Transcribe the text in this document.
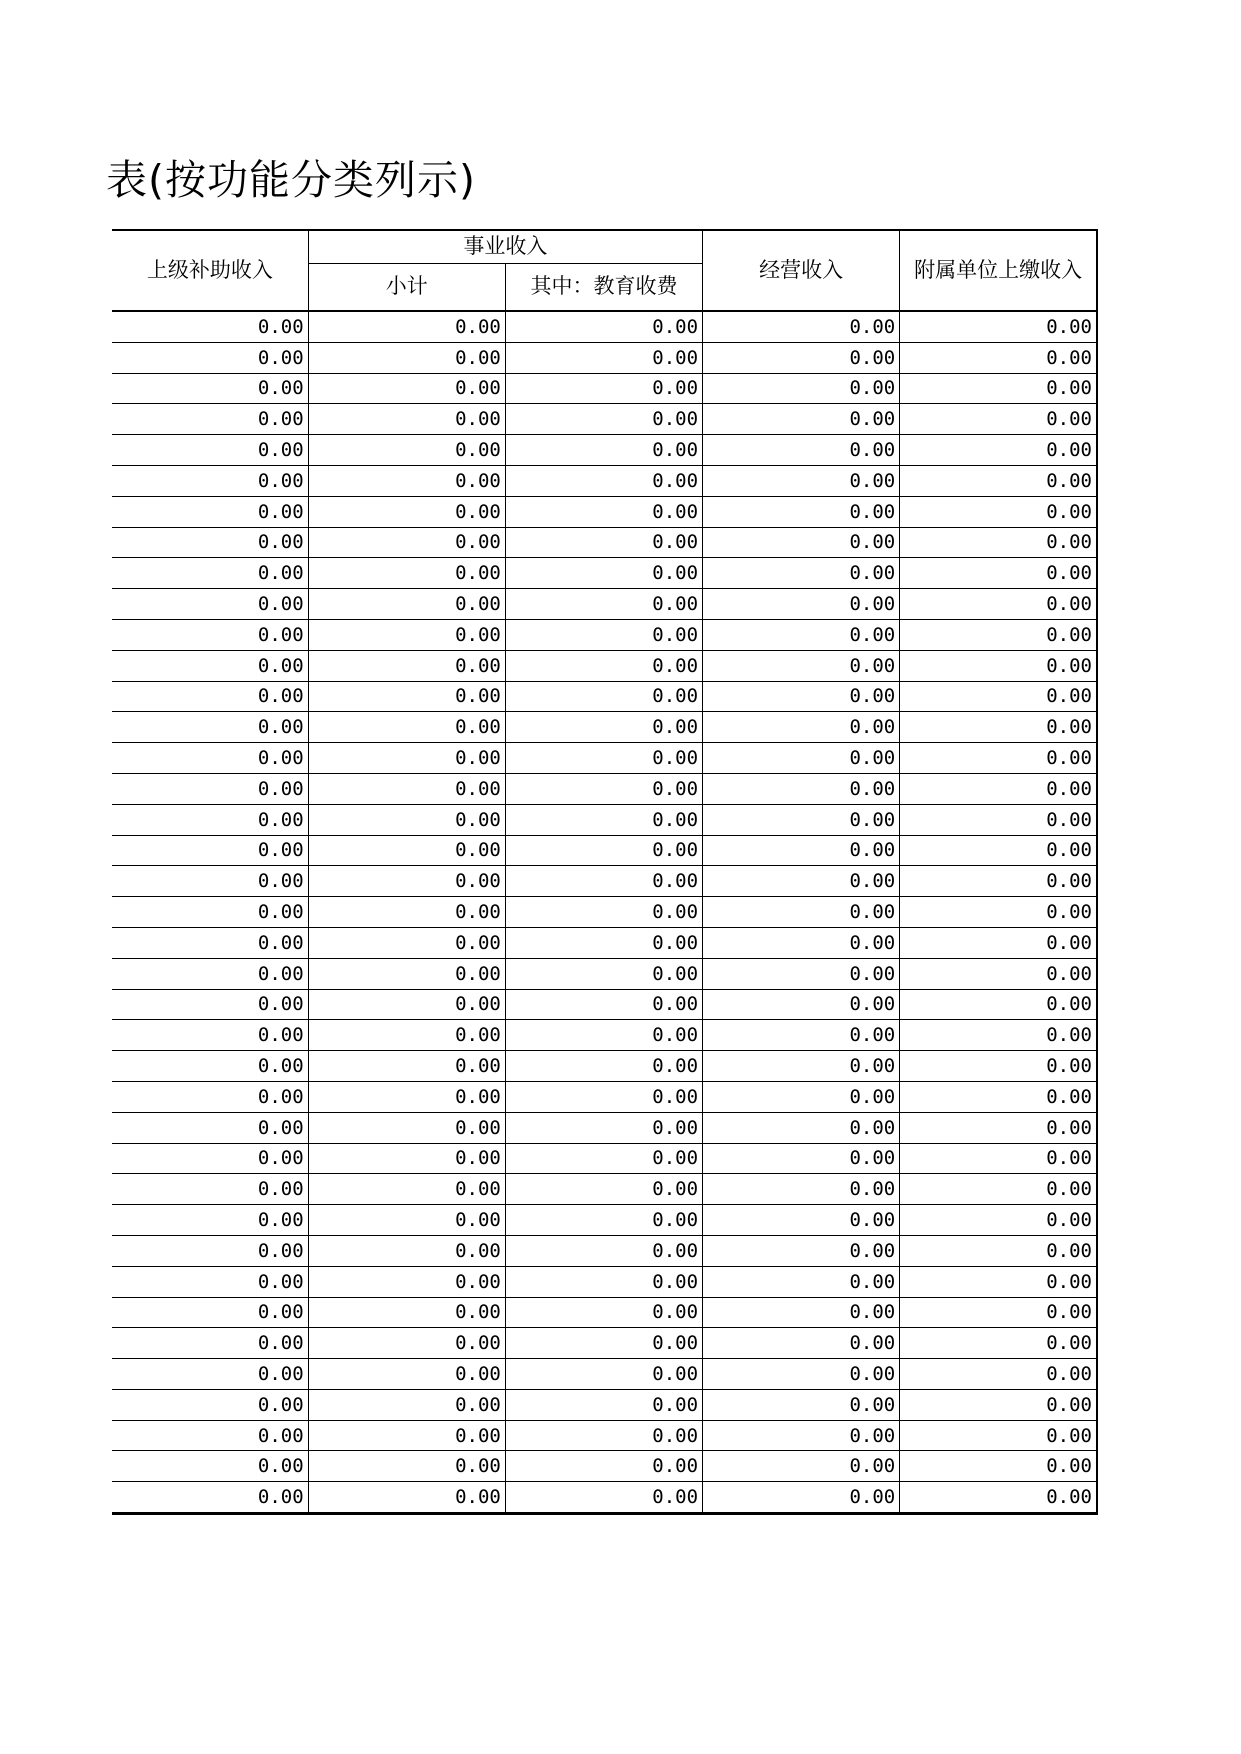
表(按功能分类列示)
上级补助收入	事业收入		经营收入	附属单位上缴收入
	小计	其中：教育收费		
0.00	0.00	0.00	0.00	0.00
0.00	0.00	0.00	0.00	0.00
0.00	0.00	0.00	0.00	0.00
0.00	0.00	0.00	0.00	0.00
0.00	0.00	0.00	0.00	0.00
0.00	0.00	0.00	0.00	0.00
0.00	0.00	0.00	0.00	0.00
0.00	0.00	0.00	0.00	0.00
0.00	0.00	0.00	0.00	0.00
0.00	0.00	0.00	0.00	0.00
0.00	0.00	0.00	0.00	0.00
0.00	0.00	0.00	0.00	0.00
0.00	0.00	0.00	0.00	0.00
0.00	0.00	0.00	0.00	0.00
0.00	0.00	0.00	0.00	0.00
0.00	0.00	0.00	0.00	0.00
0.00	0.00	0.00	0.00	0.00
0.00	0.00	0.00	0.00	0.00
0.00	0.00	0.00	0.00	0.00
0.00	0.00	0.00	0.00	0.00
0.00	0.00	0.00	0.00	0.00
0.00	0.00	0.00	0.00	0.00
0.00	0.00	0.00	0.00	0.00
0.00	0.00	0.00	0.00	0.00
0.00	0.00	0.00	0.00	0.00
0.00	0.00	0.00	0.00	0.00
0.00	0.00	0.00	0.00	0.00
0.00	0.00	0.00	0.00	0.00
0.00	0.00	0.00	0.00	0.00
0.00	0.00	0.00	0.00	0.00
0.00	0.00	0.00	0.00	0.00
0.00	0.00	0.00	0.00	0.00
0.00	0.00	0.00	0.00	0.00
0.00	0.00	0.00	0.00	0.00
0.00	0.00	0.00	0.00	0.00
0.00	0.00	0.00	0.00	0.00
0.00	0.00	0.00	0.00	0.00
0.00	0.00	0.00	0.00	0.00
0.00	0.00	0.00	0.00	0.00
